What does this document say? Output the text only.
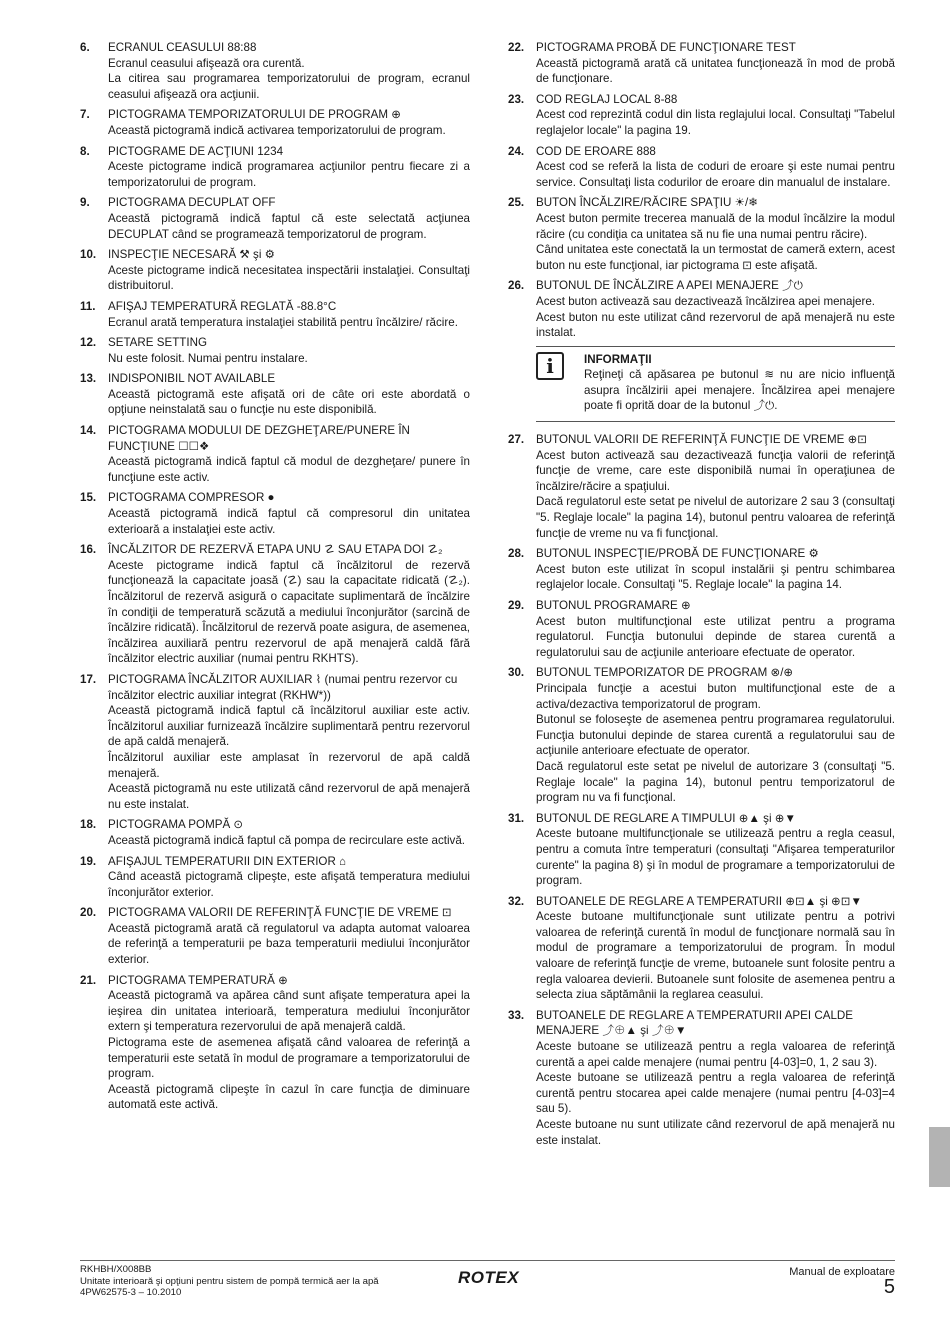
6.	ECRANUL CEASULUI 88:88
Ecranul ceasului afişează ora curentă.
La citirea sau programarea temporizatorului de program, ecranul ceasului afişează ora acţiunii.
7.	PICTOGRAMA TEMPORIZATORULUI DE PROGRAM ⊕
Această pictogramă indică activarea temporizatorului de program.
8.	PICTOGRAME DE ACŢIUNI 1234
Aceste pictograme indică programarea acţiunilor pentru fiecare zi a temporizatorului de program.
9.	PICTOGRAMA DECUPLAT OFF
Această pictogramă indică faptul că este selectată acţiunea DECUPLAT când se programează temporizatorul de program.
10.	INSPECŢIE NECESARĂ ⚒ şi ⚙
Aceste pictograme indică necesitatea inspectării instalaţiei. Consultaţi distribuitorul.
11.	AFIŞAJ TEMPERATURĂ REGLATĂ -88.8°C
Ecranul arată temperatura instalaţiei stabilită pentru încălzire/ răcire.
12.	SETARE SETTING
Nu este folosit. Numai pentru instalare.
13.	INDISPONIBIL NOT AVAILABLE
Această pictogramă este afişată ori de câte ori este abordată o opţiune neinstalată sau o funcţie nu este disponibilă.
14.	PICTOGRAMA MODULUI DE DEZGHEŢARE/PUNERE ÎN FUNCŢIUNE ☐☐❖
Această pictogramă indică faptul că modul de dezgheţare/ punere în funcţiune este activ.
15.	PICTOGRAMA COMPRESOR ●
Această pictogramă indică faptul că compresorul din unitatea exterioară a instalaţiei este activ.
16.	ÎNCĂLZITOR DE REZERVĂ ETAPA UNU ☡ SAU ETAPA DOI ☡₂
Aceste pictograme indică faptul că încălzitorul de rezervă funcţionează la capacitate joasă (☡) sau la capacitate ridicată (☡₂). Încălzitorul de rezervă asigură o capacitate suplimentară de încălzire în condiţii de temperatură scăzută a mediului înconjurător (sarcină de încălzire ridicată). Încălzitorul de rezervă poate asigura, de asemenea, încălzirea auxiliară pentru rezervorul de apă menajeră caldă fără încălzitor electric auxiliar (numai pentru RKHTS).
17.	PICTOGRAMA ÎNCĂLZITOR AUXILIAR ⌇ (numai pentru rezervor cu încălzitor electric auxiliar integrat (RKHW*))
Această pictogramă indică faptul că încălzitorul auxiliar este activ. Încălzitorul auxiliar furnizează încălzire suplimentară pentru rezervorul de apă caldă menajeră.
Încălzitorul auxiliar este amplasat în rezervorul de apă caldă menajeră.
Această pictogramă nu este utilizată când rezervorul de apă menajeră nu este instalat.
18.	PICTOGRAMA POMPĂ ⊙
Această pictogramă indică faptul că pompa de recirculare este activă.
19.	AFIŞAJUL TEMPERATURII DIN EXTERIOR ⌂
Când această pictogramă clipeşte, este afişată temperatura mediului înconjurător exterior.
20.	PICTOGRAMA VALORII DE REFERINŢĂ FUNCŢIE DE VREME ⊡
Această pictogramă arată că regulatorul va adapta automat valoarea de referinţă a temperaturii pe baza temperaturii mediului înconjurător exterior.
21.	PICTOGRAMA TEMPERATURĂ ⊕
Această pictogramă va apărea când sunt afişate temperatura apei la ieşirea din unitatea interioară, temperatura mediului înconjurător extern şi temperatura rezervorului de apă menajeră caldă.
Pictograma este de asemenea afişată când valoarea de referinţă a temperaturii este setată în modul de programare a temporizatorului de program.
Această pictogramă clipeşte în cazul în care funcţia de diminuare automată este activă.
22.	PICTOGRAMA PROBĂ DE FUNCŢIONARE TEST
Această pictogramă arată că unitatea funcţionează în mod de probă de funcţionare.
23.	COD REGLAJ LOCAL 8-88
Acest cod reprezintă codul din lista reglajului local. Consultaţi "Tabelul reglajelor locale" la pagina 19.
24.	COD DE EROARE 888
Acest cod se referă la lista de coduri de eroare şi este numai pentru service. Consultaţi lista codurilor de eroare din manualul de instalare.
25.	BUTON ÎNCĂLZIRE/RĂCIRE SPAŢIU ☀/❄
Acest buton permite trecerea manuală de la modul încălzire la modul răcire (cu condiţia ca unitatea să nu fie una numai pentru răcire).
Când unitatea este conectată la un termostat de cameră extern, acest buton nu este funcţional, iar pictograma ⊡ este afişată.
26.	BUTONUL DE ÎNCĂLZIRE A APEI MENAJERE ⤴⏻
Acest buton activează sau dezactivează încălzirea apei menajere.
Acest buton nu este utilizat când rezervorul de apă menajeră nu este instalat.
i	INFORMAŢII
Reţineţi că apăsarea pe butonul ≋ nu are nicio influenţă asupra încălzirii apei menajere. Încălzirea apei menajere poate fi oprită doar de la butonul ⤴⏻.
27.	BUTONUL VALORII DE REFERINŢĂ FUNCŢIE DE VREME ⊕⊡
Acest buton activează sau dezactivează funcţia valorii de referinţă funcţie de vreme, care este disponibilă numai în operaţiunea de încălzire/răcire a spaţiului.
Dacă regulatorul este setat pe nivelul de autorizare 2 sau 3 (consultaţi "5. Reglaje locale" la pagina 14), butonul pentru valoarea de referinţă funcţie de vreme nu va fi funcţional.
28.	BUTONUL INSPECŢIE/PROBĂ DE FUNCŢIONARE ⚙
Acest buton este utilizat în scopul instalării şi pentru schimbarea reglajelor locale. Consultaţi "5. Reglaje locale" la pagina 14.
29.	BUTONUL PROGRAMARE ⊕
Acest buton multifuncţional este utilizat pentru a programa regulatorul. Funcţia butonului depinde de starea curentă a regulatorului sau de acţiunile anterioare efectuate de operator.
30.	BUTONUL TEMPORIZATOR DE PROGRAM ⊗/⊕
Principala funcţie a acestui buton multifuncţional este de a activa/dezactiva temporizatorul de program.
Butonul se foloseşte de asemenea pentru programarea regulatorului. Funcţia butonului depinde de starea curentă a regulatorului sau de acţiunile anterioare efectuate de operator.
Dacă regulatorul este setat pe nivelul de autorizare 3 (consultaţi "5. Reglaje locale" la pagina 14), butonul pentru temporizatorul de program nu va fi funcţional.
31.	BUTONUL DE REGLARE A TIMPULUI ⊕▲ şi ⊕▼
Aceste butoane multifuncţionale se utilizează pentru a regla ceasul, pentru a comuta între temperaturi (consultaţi "Afişarea temperaturilor curente" la pagina 8) şi în modul de programare a temporizatorului de program.
32.	BUTOANELE DE REGLARE A TEMPERATURII ⊕⊡▲ şi ⊕⊡▼
Aceste butoane multifuncţionale sunt utilizate pentru a potrivi valoarea de referinţă curentă în modul de funcţionare normală sau în modul de programare a temporizatorului de program. În modul valoare de referinţă funcţie de vreme, butoanele sunt folosite pentru a regla valoarea devierii. Butoanele sunt folosite de asemenea pentru a selecta ziua săptămânii la reglarea ceasului.
33.	BUTOANELE DE REGLARE A TEMPERATURII APEI CALDE MENAJERE ⤴⊕▲ şi ⤴⊕▼
Aceste butoane se utilizează pentru a regla valoarea de referinţă curentă a apei calde menajere (numai pentru [4-03]=0, 1, 2 sau 3).
Aceste butoane se utilizează pentru a regla valoarea de referinţă curentă pentru stocarea apei calde menajere (numai pentru [4-03]=4 sau 5).
Aceste butoane nu sunt utilizate când rezervorul de apă menajeră nu este instalat.
RKHBH/X008BB
Unitate interioară şi opţiuni pentru sistem de pompă termică aer la apă
4PW62575-3 – 10.2010
ROTEX	Manual de exploatare
5
